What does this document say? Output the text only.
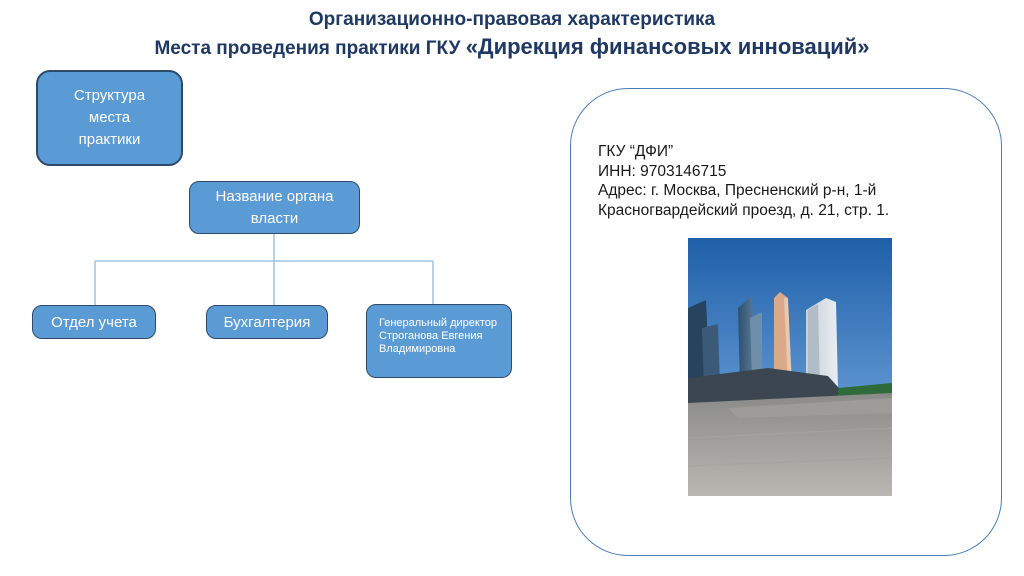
Организационно-правовая характеристика
Места проведения практики ГКУ «Дирекция финансовых инноваций»
Структура места практики
Название органа власти
Отдел учета	Бухгалтерия	Генеральный директор Строганова Евгения Владимировна
ГКУ “ДФИ”
ИНН: 9703146715
Адрес: г. Москва, Пресненский р-н, 1-й
Красногвардейский проезд, д. 21, стр. 1.
